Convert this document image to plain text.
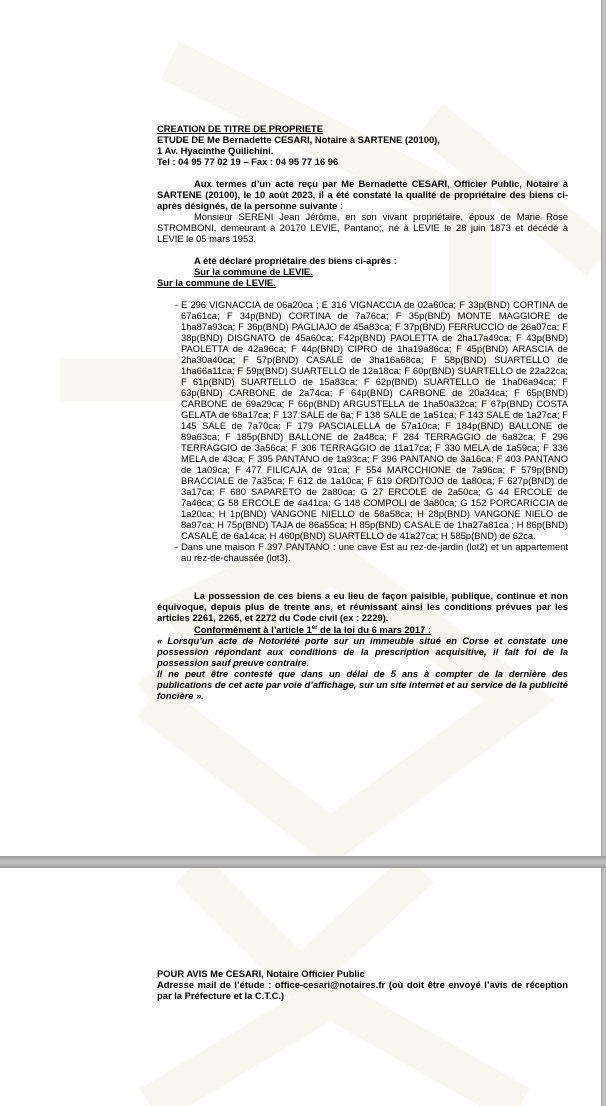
CREATION DE TITRE DE PROPRIETE

ETUDE DE Me Bernadette CESARI, Notaire à SARTENE (20100),

1 Av. Hyacinthe Quilichini.

Tel : 04 95 77 02 19 – Fax : 04 95 77 16 96

Aux termes d’un acte reçu par Me Bernadette CESARI, Officier Public, Notaire à SARTENE (20100), le 10 août 2023, il a été constaté la qualité de propriétaire des biens ci-après désignés, de la personne suivante :

Monsieur SERENI Jean Jérôme, en son vivant propriétaire, époux de Marie Rose STROMBONI, demeurant à 20170 LEVIE, Pantano;, né à LEVIE le 28 juin 1873 et décédé à LEVIE le 05 mars 1953.

A été déclaré propriétaire des biens ci-après :

Sur la commune de LEVIE.

Sur la commune de LEVIE.

- E 296 VIGNACCIA de 06a20ca ; E 316 VIGNACCIA de 02a60ca; F 33p(BND) CORTINA de 67a61ca; F 34p(BND) CORTINA de 7a76ca; F 35p(BND) MONTE MAGGIORE de 1ha87a93ca; F 36p(BND) PAGLIAJO de 45a83ca; F 37p(BND) FERRUCCIO de 26a07ca; F 38p(BND) DISGNATO de 45a60ca; F42p(BND) PAOLETTA de 2ha17a49ca; F 43p(BND) PAOLETTA de 42a96ca; F 44p(BND) CIPRO de 1ha19a86ca; F 45p(BND) ARASCIA de 2ha30a40ca; F 57p(BND) CASALE de 3ha16a68ca; F 58p(BND) SUARTELLO de 1ha66a11ca; F 59p(BND) SUARTELLO de 12a18ca; F 60p(BND) SUARTELLO de 22a22ca; F 61p(BND) SUARTELLO de 15a83ca; F 62p(BND) SUARTELLO de 1ha06a94ca; F 63p(BND) CARBONE de 2a74ca; F 64p(BND) CARBONE de 20a34ca; F 65p(BND) CARBONE de 69a29ca; F 66p(BND) ARGUSTELLA de 1ha50a32ca; F 67p(BND) COSTA GELATA de 68a17ca; F 137 SALE de 6a; F 138 SALE de 1a51ca; F 143 SALE de 1a27ca; F 145 SALE de 7a70ca; F 179 PASCIALELLA de 57a10ca; F 184p(BND) BALLONE de 89a63ca; F 185p(BND) BALLONE de 2a48ca; F 284 TERRAGGIO de 6a82ca; F 296 TERRAGGIO de 3a56ca; F 306 TERRAGGIO de 11a17ca; F 330 MELA de 1a59ca; F 336 MELA de 43ca; F 395 PANTANO de 1a93ca; F 396 PANTANO de 3a16ca; F 403 PANTANO de 1a09ca; F 477 FILICAJA de 91ca; F 554 MARCCHIONE de 7a96ca; F 579p(BND) BRACCIALE de 7a35ca; F 612 de 1a10ca; F 619 ORDITOJO de 1a80ca; F 627p(BND) de 3a17ca; F 680 SAPARETO de 2a80ca; G 27 ERCOLE de 2a50ca; G 44 ERCOLE de 7a46ca; G 58 ERCOLE de 4a41ca; G 148 COMPOLI de 3a80ca; G 152 PORCARICCIA de 1a20ca; H 1p(BND) VANGONE NIELLO de 58a58ca; H 28p(BND) VANGONE NIELO de 8a97ca; H 75p(BND) TAJA de 86a55ca; H 85p(BND) CASALE de 1ha27a81ca ; H 86p(BND) CASALE de 6a14ca; H 460p(BND) SUARTELLO de 41a27ca; H 585p(BND) de 62ca.
- Dans une maison F 397 PANTANO : une cave Est au rez-de-jardin (lot2) et un appartement au rez-de-chaussée (lot3).

La possession de ces biens a eu lieu de façon paisible, publique, continue et non équivoque, depuis plus de trente ans, et réunissant ainsi les conditions prévues par les articles 2261, 2265, et 2272 du Code civil (ex : 2229).

Conformément à l’article 1er de la loi du 6 mars 2017 :

« Lorsqu’un acte de Notoriété porte sur un immeuble situé en Corse et constate une possession répondant aux conditions de la prescription acquisitive, il fait foi de la possession sauf preuve contraire.

Il ne peut être contesté que dans un délai de 5 ans à compter de la dernière des publications de cet acte par voie d’affichage, sur un site internet et au service de la publicité foncière ».

POUR AVIS Me CESARI, Notaire Officier Public

Adresse mail de l’étude : office-cesari@notaires.fr (où doit être envoyé l’avis de réception par la Préfecture et la C.T.C.)
